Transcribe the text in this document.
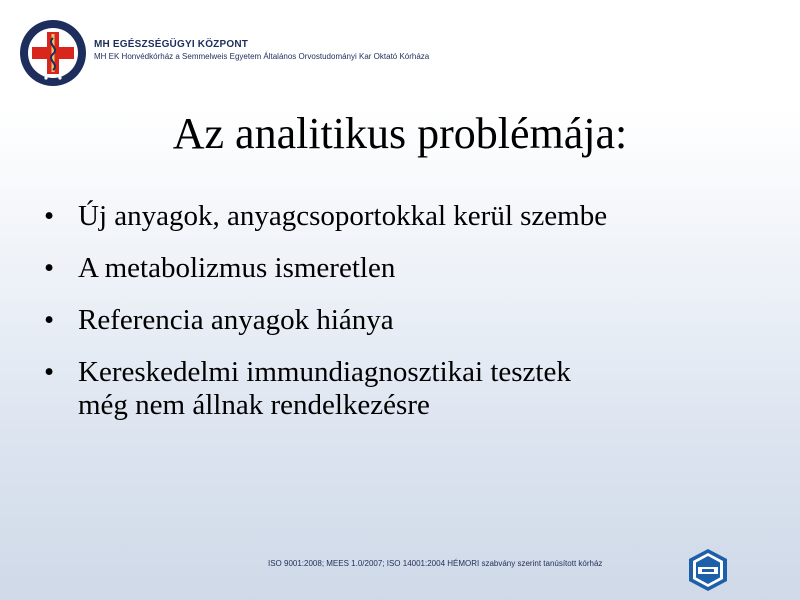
MH EGÉSZSÉGÜGYI KÖZPONT
MH EK Honvédkórház a Semmelweis Egyetem Általános Orvostudományi Kar Oktató Kórháza
Az analitikus problémája:
• Új anyagok, anyagcsoportokkal kerül szembe
• A metabolizmus ismeretlen
• Referencia anyagok hiánya
• Kereskedelmi immundiagnosztikai tesztek
még nem állnak rendelkezésre
ISO 9001:2008; MEES 1.0/2007; ISO 14001:2004 HÉMORI szabvány szerint tanúsított kórház
